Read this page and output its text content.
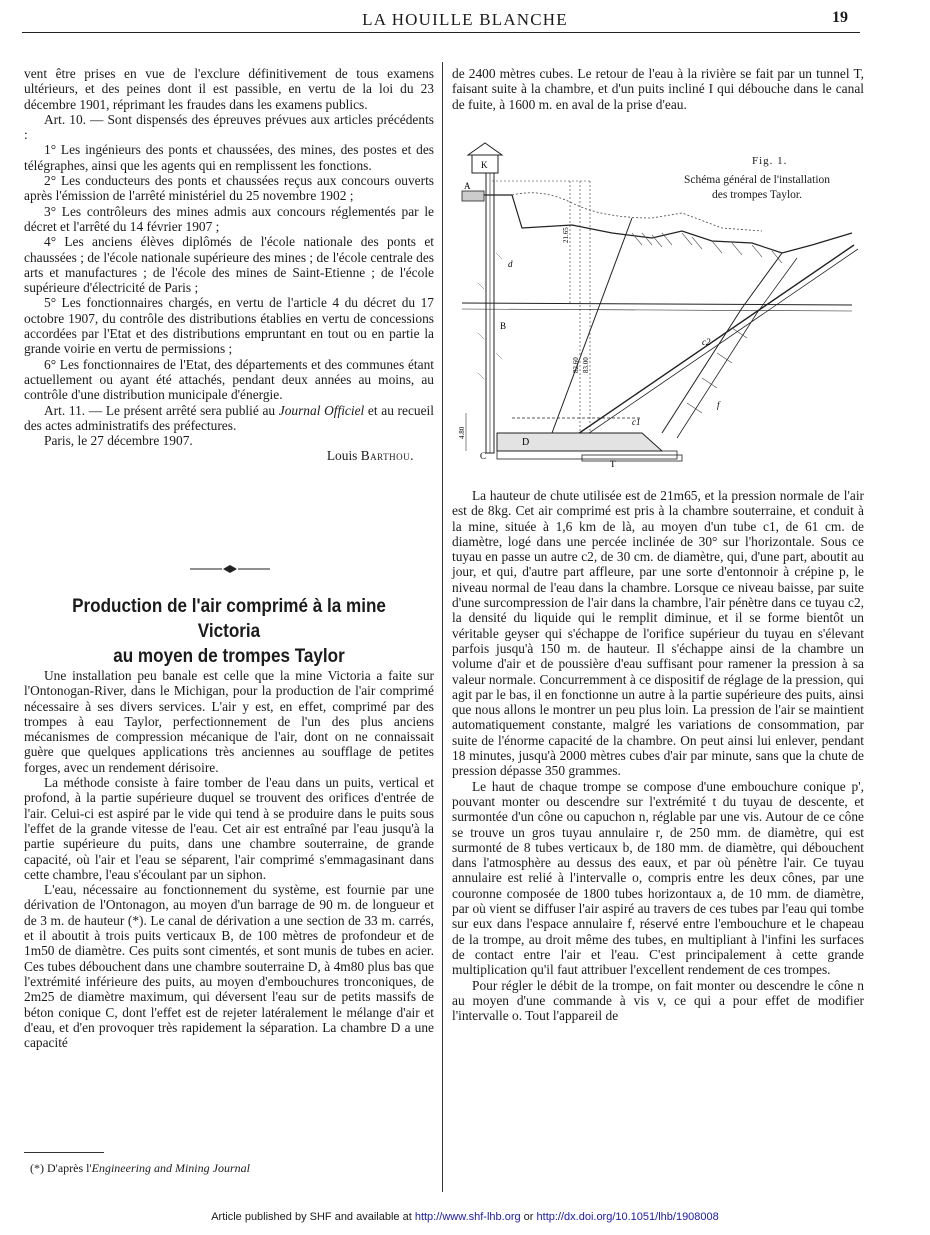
LA HOUILLE BLANCHE	19

vent être prises en vue de l'exclure définitivement de tous examens ultérieurs, et des peines dont il est passible, en vertu de la loi du 23 décembre 1901, réprimant les fraudes dans les examens publics.

Art. 10. — Sont dispensés des épreuves prévues aux articles précédents :

1° Les ingénieurs des ponts et chaussées, des mines, des postes et des télégraphes, ainsi que les agents qui en remplissent les fonctions.

2° Les conducteurs des ponts et chaussées reçus aux concours ouverts après l'émission de l'arrêté ministériel du 25 novembre 1902 ;

3° Les contrôleurs des mines admis aux concours réglementés par le décret et l'arrêté du 14 février 1907 ;

4° Les anciens élèves diplômés de l'école nationale des ponts et chaussées ; de l'école nationale supérieure des mines ; de l'école centrale des arts et manufactures ; de l'école des mines de Saint-Etienne ; de l'école supérieure d'électricité de Paris ;

5° Les fonctionnaires chargés, en vertu de l'article 4 du décret du 17 octobre 1907, du contrôle des distributions établies en vertu de concessions accordées par l'Etat et des distributions empruntant en tout ou en partie la grande voirie en vertu de permissions ;

6° Les fonctionnaires de l'Etat, des départements et des communes étant actuellement ou ayant été attachés, pendant deux années au moins, au contrôle d'une distribution municipale d'énergie.

Art. 11. — Le présent arrêté sera publié au Journal Officiel et au recueil des actes administratifs des préfectures.

Paris, le 27 décembre 1907.

Louis Barthou.

Production de l'air comprimé à la mine Victoria
au moyen de trompes Taylor

Une installation peu banale est celle que la mine Victoria a faite sur l'Ontonogan-River, dans le Michigan, pour la production de l'air comprimé nécessaire à ses divers services. L'air y est, en effet, comprimé par des trompes à eau Taylor, perfectionnement de l'un des plus anciens mécanismes de compression mécanique de l'air, dont on ne connaissait guère que quelques applications très anciennes au soufflage de petites forges, avec un rendement dérisoire.

La méthode consiste à faire tomber de l'eau dans un puits, vertical et profond, à la partie supérieure duquel se trouvent des orifices d'entrée de l'air. Celui-ci est aspiré par le vide qui tend à se produire dans le puits sous l'effet de la grande vitesse de l'eau. Cet air est entraîné par l'eau jusqu'à la partie supérieure du puits, dans une chambre souterraine, de grande capacité, où l'air et l'eau se séparent, l'air comprimé s'emmagasinant dans cette chambre, l'eau s'écoulant par un siphon.

L'eau, nécessaire au fonctionnement du système, est fournie par une dérivation de l'Ontonagon, au moyen d'un barrage de 90 m. de longueur et de 3 m. de hauteur (*). Le canal de dérivation a une section de 33 m. carrés, et il aboutit à trois puits verticaux B, de 100 mètres de profondeur et de 1m50 de diamètre. Ces puits sont cimentés, et sont munis de tubes en acier. Ces tubes débouchent dans une chambre souterraine D, à 4m80 plus bas que l'extrémité inférieure des puits, au moyen d'embouchures tronconiques, de 2m25 de diamètre maximum, qui déversent l'eau sur de petits massifs de béton conique C, dont l'effet est de rejeter latéralement le mélange d'air et d'eau, et d'en provoquer très rapidement la séparation. La chambre D a une capacité

(*) D'après l'Engineering and Mining Journal

de 2400 mètres cubes. Le retour de l'eau à la rivière se fait par un tunnel T, faisant suite à la chambre, et d'un puits incliné I qui débouche dans le canal de fuite, à 1600 m. en aval de la prise d'eau.

K
A
B
D
C
T
d
c1
c2
f
21.65
82.60 83.00
4.80
Fig. 1.
Schéma général de l'installation
des trompes Taylor.

La hauteur de chute utilisée est de 21m65, et la pression normale de l'air est de 8kg. Cet air comprimé est pris à la chambre souterraine, et conduit à la mine, située à 1,6 km de là, au moyen d'un tube c1, de 61 cm. de diamètre, logé dans une percée inclinée de 30° sur l'horizontale. Sous ce tuyau en passe un autre c2, de 30 cm. de diamètre, qui, d'une part, aboutit au jour, et qui, d'autre part affleure, par une sorte d'entonnoir à crépine p, le niveau normal de l'eau dans la chambre. Lorsque ce niveau baisse, par suite d'une surcompression de l'air dans la chambre, l'air pénètre dans ce tuyau c2, la densité du liquide qui le remplit diminue, et il se forme bientôt un véritable geyser qui s'échappe de l'orifice supérieur du tuyau en s'élevant parfois jusqu'à 150 m. de hauteur. Il s'échappe ainsi de la chambre un volume d'air et de poussière d'eau suffisant pour ramener la pression à sa valeur normale. Concurremment à ce dispositif de réglage de la pression, qui agit par le bas, il en fonctionne un autre à la partie supérieure des puits, ainsi que nous allons le montrer un peu plus loin. La pression de l'air se maintient automatiquement constante, malgré les variations de consommation, par suite de l'énorme capacité de la chambre. On peut ainsi lui enlever, pendant 18 minutes, jusqu'à 2000 mètres cubes d'air par minute, sans que la chute de pression dépasse 350 grammes.

Le haut de chaque trompe se compose d'une embouchure conique p', pouvant monter ou descendre sur l'extrémité t du tuyau de descente, et surmontée d'un cône ou capuchon n, réglable par une vis. Autour de ce cône se trouve un gros tuyau annulaire r, de 250 mm. de diamètre, qui est surmonté de 8 tubes verticaux b, de 180 mm. de diamètre, qui débouchent dans l'atmosphère au dessus des eaux, et par où pénètre l'air. Ce tuyau annulaire est relié à l'intervalle o, compris entre les deux cônes, par une couronne composée de 1800 tubes horizontaux a, de 10 mm. de diamètre, par où vient se diffuser l'air aspiré au travers de ces tubes par l'eau qui tombe sur eux dans l'espace annulaire f, réservé entre l'embouchure et le chapeau de la trompe, au droit même des tubes, en multipliant à l'infini les surfaces de contact entre l'air et l'eau. C'est principalement à cette grande multiplication qu'il faut attribuer l'excellent rendement de ces trompes.

Pour régler le débit de la trompe, on fait monter ou descendre le cône n au moyen d'une commande à vis v, ce qui a pour effet de modifier l'intervalle o. Tout l'appareil de

Article published by SHF and available at http://www.shf-lhb.org or http://dx.doi.org/10.1051/lhb/1908008
